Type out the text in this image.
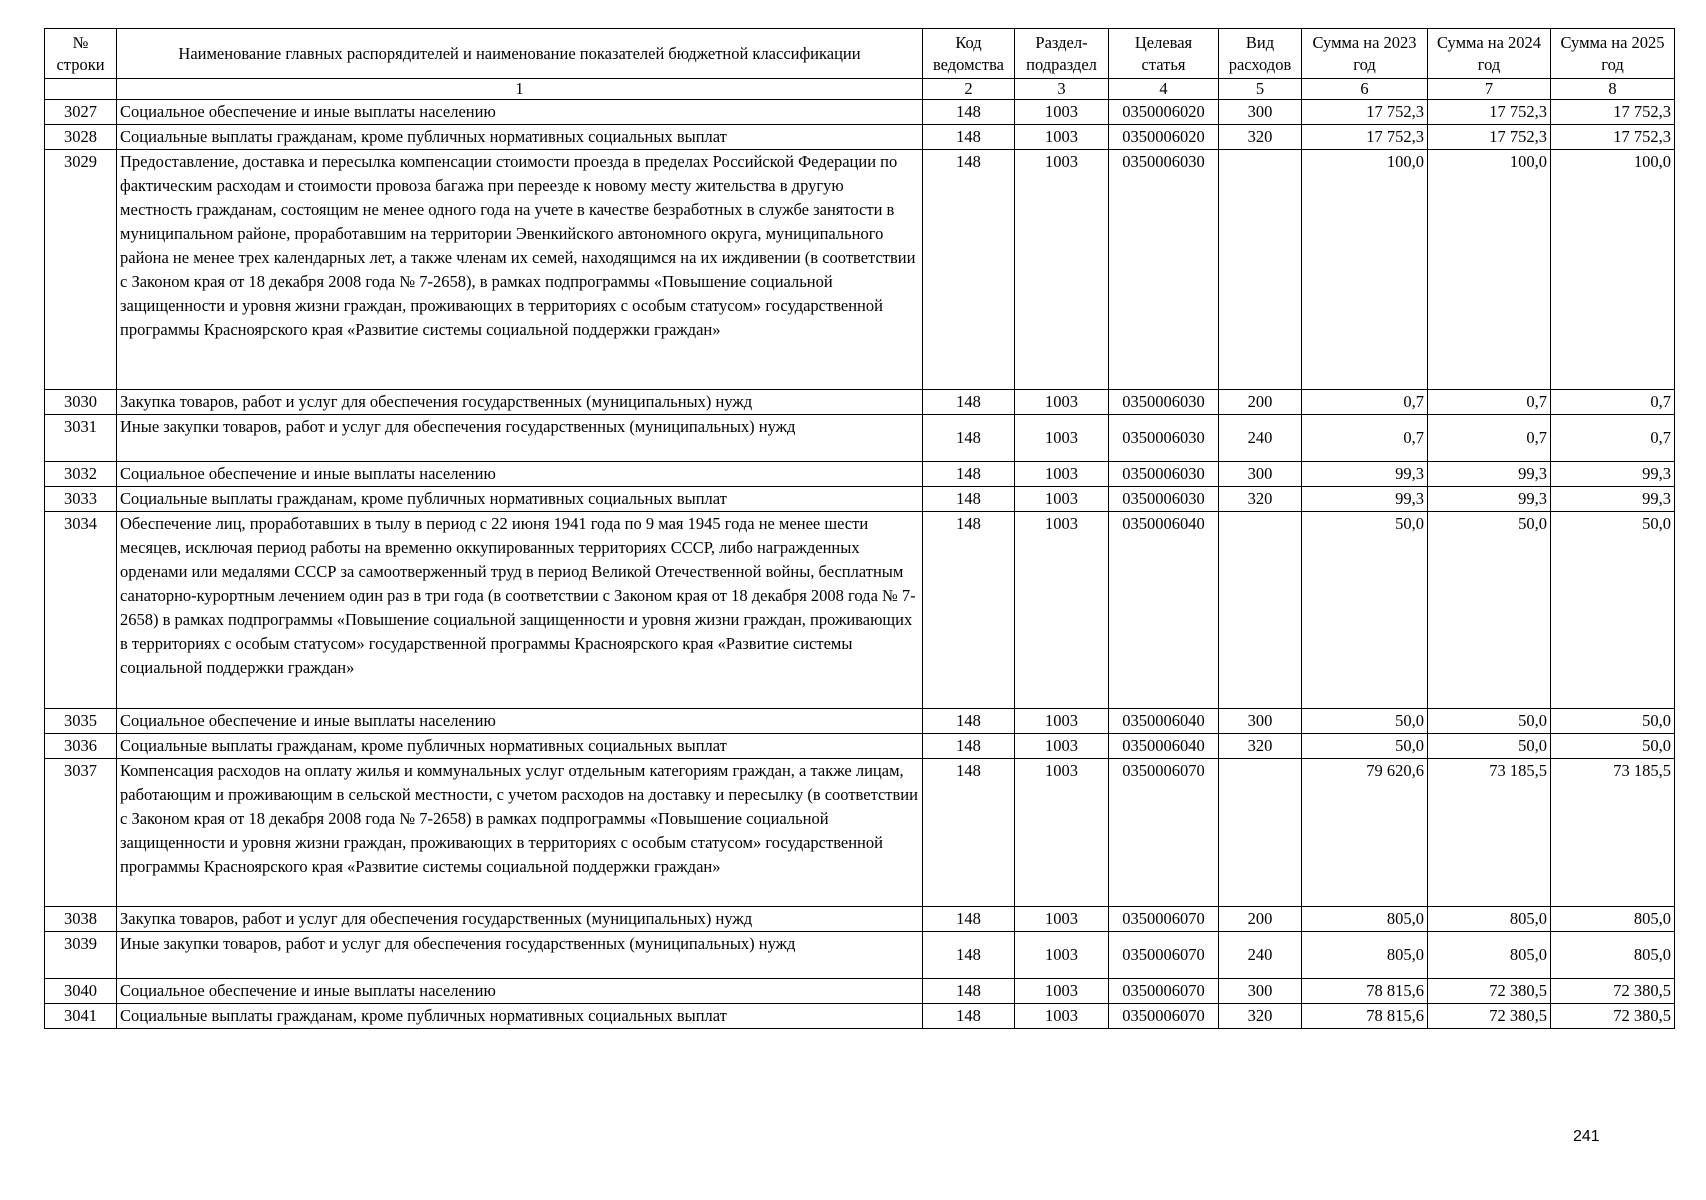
№ строки	Наименование главных распорядителей и наименование показателей бюджетной классификации	Код ведомства	Раздел-подраздел	Целевая статья	Вид расходов	Сумма на 2023 год	Сумма на 2024 год	Сумма на 2025 год
	1	2	3	4	5	6	7	8
3027	Социальное обеспечение и иные выплаты населению	148	1003	0350006020	300	17 752,3	17 752,3	17 752,3
3028	Социальные выплаты гражданам, кроме публичных нормативных социальных выплат	148	1003	0350006020	320	17 752,3	17 752,3	17 752,3
3029	Предоставление, доставка и пересылка компенсации стоимости проезда в пределах Российской Федерации по фактическим расходам и стоимости провоза багажа при переезде к новому месту жительства в другую местность гражданам, состоящим не менее одного года на учете в качестве безработных в службе занятости в муниципальном районе, проработавшим на территории Эвенкийского автономного округа, муниципального района не менее трех календарных лет, а также членам их семей, находящимся на их иждивении (в соответствии с Законом края от 18 декабря 2008 года № 7-2658), в рамках подпрограммы «Повышение социальной защищенности и уровня жизни граждан, проживающих в территориях с особым статусом» государственной программы Красноярского края «Развитие системы социальной поддержки граждан»	148	1003	0350006030		100,0	100,0	100,0
3030	Закупка товаров, работ и услуг для обеспечения государственных (муниципальных) нужд	148	1003	0350006030	200	0,7	0,7	0,7
3031	Иные закупки товаров, работ и услуг для обеспечения государственных (муниципальных) нужд	148	1003	0350006030	240	0,7	0,7	0,7
3032	Социальное обеспечение и иные выплаты населению	148	1003	0350006030	300	99,3	99,3	99,3
3033	Социальные выплаты гражданам, кроме публичных нормативных социальных выплат	148	1003	0350006030	320	99,3	99,3	99,3
3034	Обеспечение лиц, проработавших в тылу в период с 22 июня 1941 года по 9 мая 1945 года не менее шести месяцев, исключая период работы на временно оккупированных территориях СССР, либо награжденных орденами или медалями СССР за самоотверженный труд в период Великой Отечественной войны, бесплатным санаторно-курортным лечением один раз в три года (в соответствии с Законом края от 18 декабря 2008 года № 7-2658) в рамках подпрограммы «Повышение социальной защищенности и уровня жизни граждан, проживающих в территориях с особым статусом» государственной программы Красноярского края «Развитие системы социальной поддержки граждан»	148	1003	0350006040		50,0	50,0	50,0
3035	Социальное обеспечение и иные выплаты населению	148	1003	0350006040	300	50,0	50,0	50,0
3036	Социальные выплаты гражданам, кроме публичных нормативных социальных выплат	148	1003	0350006040	320	50,0	50,0	50,0
3037	Компенсация расходов на оплату жилья и коммунальных услуг отдельным категориям граждан, а также лицам, работающим и проживающим в сельской местности, с учетом расходов на доставку и пересылку (в соответствии с Законом края от 18 декабря 2008 года № 7-2658) в рамках подпрограммы «Повышение социальной защищенности и уровня жизни граждан, проживающих в территориях с особым статусом» государственной программы Красноярского края «Развитие системы социальной поддержки граждан»	148	1003	0350006070		79 620,6	73 185,5	73 185,5
3038	Закупка товаров, работ и услуг для обеспечения государственных (муниципальных) нужд	148	1003	0350006070	200	805,0	805,0	805,0
3039	Иные закупки товаров, работ и услуг для обеспечения государственных (муниципальных) нужд	148	1003	0350006070	240	805,0	805,0	805,0
3040	Социальное обеспечение и иные выплаты населению	148	1003	0350006070	300	78 815,6	72 380,5	72 380,5
3041	Социальные выплаты гражданам, кроме публичных нормативных социальных выплат	148	1003	0350006070	320	78 815,6	72 380,5	72 380,5
241
